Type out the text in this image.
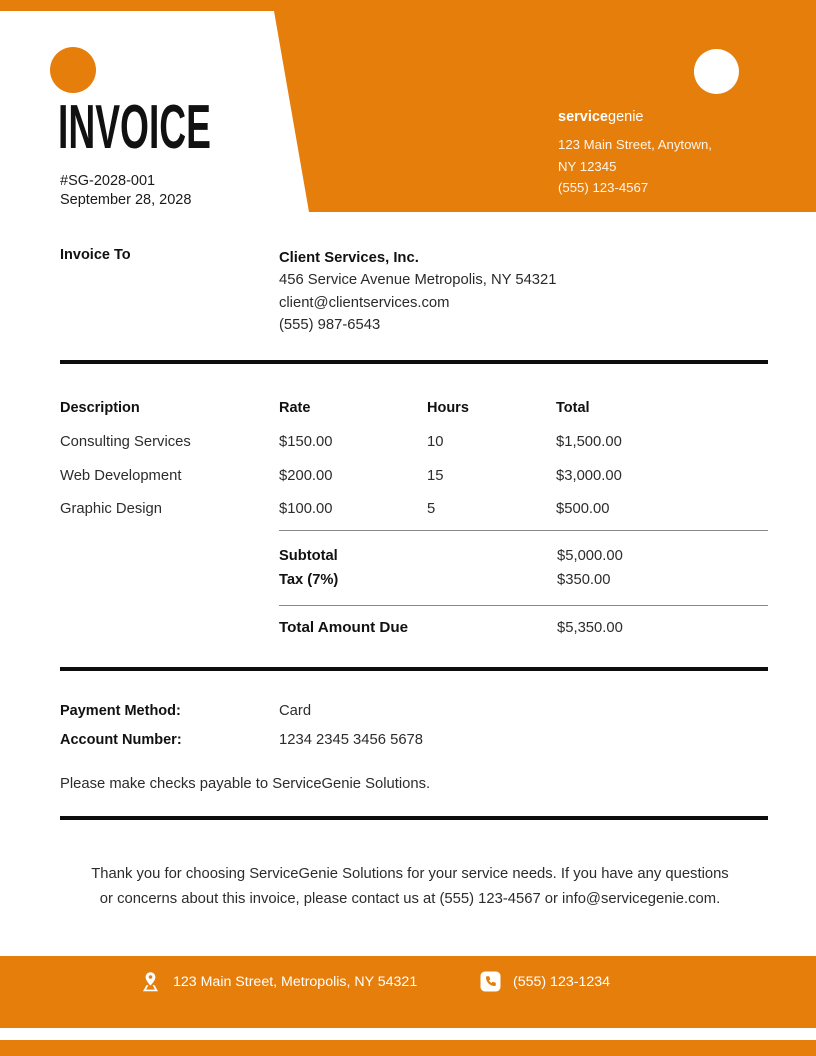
INVOICE
#SG-2028-001
September 28, 2028
servicegenie
123 Main Street, Anytown,
NY 12345
(555) 123-4567
Invoice To	Client Services, Inc.
456 Service Avenue Metropolis, NY 54321
client@clientservices.com
(555) 987-6543
Description	Rate	Hours	Total
Consulting Services	$150.00	10	$1,500.00
Web Development	$200.00	15	$3,000.00
Graphic Design	$100.00	5	$500.00
Subtotal	$5,000.00
Tax (7%)	$350.00
Total Amount Due	$5,350.00
Payment Method:	Card
Account Number:	1234 2345 3456 5678
Please make checks payable to ServiceGenie Solutions.
Thank you for choosing ServiceGenie Solutions for your service needs. If you have any questions
or concerns about this invoice, please contact us at (555) 123-4567 or info@servicegenie.com.
123 Main Street, Metropolis, NY 54321	(555) 123-1234
